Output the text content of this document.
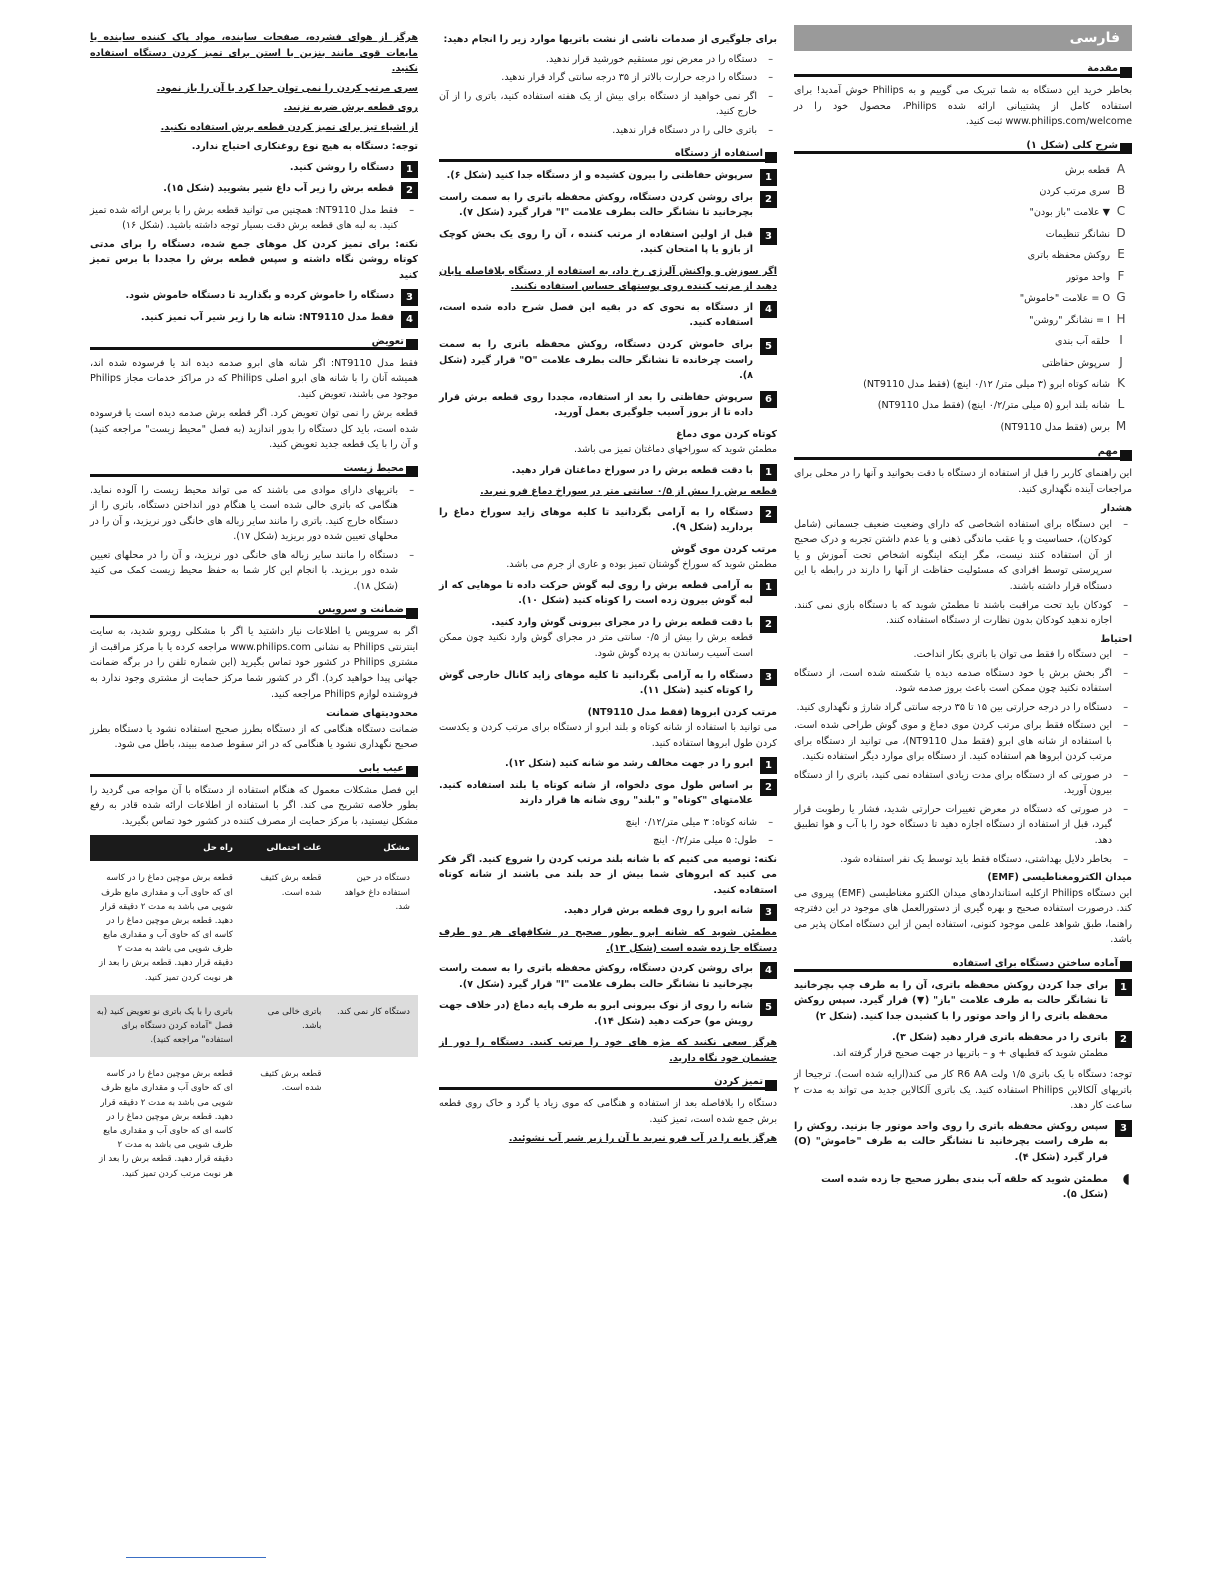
فارسی
مقدمة

بخاطر خرید این دستگاه به شما تبریک می گوییم و به Philips خوش آمدید! برای استفاده کامل از پشتیبانی ارائه شده Philips، محصول خود را در www.philips.com/welcome ثبت کنید.

شرح کلی (شکل ۱)
A
قطعه برش
B
سری مرتب کردن
C
▼ علامت "باز بودن"
D
نشانگر تنظیمات
E
روکش محفظه باتری
F
واحد موتور
G
O = علامت "خاموش"
H
I = نشانگر "روشن"
I
حلقه آب بندی
J
سرپوش حفاظتی
K
شانه کوتاه ابرو (۳ میلی متر/ ۰/۱۲ اینچ) (فقط مدل NT9110)
L
شانه بلند ابرو (۵ میلی متر/۰/۲ اینچ) (فقط مدل NT9110)
M
برس (فقط مدل NT9110)
مهم

این راهنمای کاربر را قبل از استفاده از دستگاه با دقت بخوانید و آنها را در محلی برای مراجعات آینده نگهداری کنید.

هشدار
– این دستگاه برای استفاده اشخاصی که دارای وضعیت ضعیف جسمانی (شامل کودکان)، حساسیت و یا عقب ماندگی ذهنی و یا عدم داشتن تجربه و درک صحیح از آن استفاده کنند نیست، مگر اینکه اینگونه اشخاص تحت آموزش و یا سرپرستی توسط افرادی که مسئولیت حفاظت از آنها را دارند در رابطه با این دستگاه قرار داشته باشند.
– کودکان باید تحت مراقبت باشند تا مطمئن شوید که با دستگاه بازی نمی کنند. اجازه ندهید کودکان بدون نظارت از دستگاه استفاده کنند.
احتیاط
– این دستگاه را فقط می توان با باتری بکار انداخت.
– اگر بخش برش یا خود دستگاه صدمه دیده یا شکسته شده است، از دستگاه استفاده نکنید چون ممکن است باعث بروز صدمه شود.
– دستگاه را در درجه حرارتی بین ۱۵ تا ۳۵ درجه سانتی گراد شارژ و نگهداری کنید.
– این دستگاه فقط برای مرتب کردن موی دماغ و موی گوش طراحی شده است. با استفاده از شانه های ابرو (فقط مدل NT9110)، می توانید از دستگاه برای مرتب کردن ابروها هم استفاده کنید. از دستگاه برای موارد دیگر استفاده نکنید.
– در صورتی که از دستگاه برای مدت زیادی استفاده نمی کنید، باتری را از دستگاه بیرون آورید.
– در صورتی که دستگاه در معرض تغییرات حرارتی شدید، فشار یا رطوبت قرار گیرد، قبل از استفاده از دستگاه اجازه دهید تا دستگاه خود را با آب و هوا تطبیق دهد.
– بخاطر دلایل بهداشتی، دستگاه فقط باید توسط یک نفر استفاده شود.
میدان الکترومغناطیسی (EMF)

این دستگاه Philips ازکلیه استانداردهای میدان الکترو مغناطیسی (EMF) پیروی می کند. درصورت استفاده صحیح و بهره گیری از دستورالعمل های موجود در این دفترچه راهنما، طبق شواهد علمی موجود کنونی، استفاده ایمن از این دستگاه امکان پذیر می باشد.

آماده ساختن دستگاه برای استفاده
1
برای جدا کردن روکش محفظه باتری، آن را به طرف چپ بچرخانید تا نشانگر حالت به طرف علامت "باز" (▼) قرار گیرد. سپس روکش محفظه باتری را از واحد موتور را با کشیدن جدا کنید. (شکل ۲)
2
باتری را در محفظه باتری قرار دهید (شکل ۳).
مطمئن شوید که قطبهای + و – باتریها در جهت صحیح قرار گرفته اند.

توجه: دستگاه با یک باتری ۱/۵ ولت R6 AA کار می کند(ارایه شده است). ترجیحا از باتریهای آلکالاین Philips استفاده کنید. یک باتری آلکالاین جدید می تواند به مدت ۲ ساعت کار دهد.

3
سپس روکش محفظه باتری را روی واحد موتور جا بزنید. روکش را به طرف راست بچرخانید تا نشانگر حالت به طرف "خاموش" (O) قرار گیرد (شکل ۴).
◖
مطمئن شوید که حلقه آب بندی بطرز صحیح جا زده شده است (شکل ۵).

برای جلوگیری از صدمات ناشی از نشت باتریها موارد زیر را انجام دهید:

– دستگاه را در معرض نور مستقیم خورشید قرار ندهید.
– دستگاه را درجه حرارت بالاتر از ۳۵ درجه سانتی گراد قرار ندهید.
– اگر نمی خواهید از دستگاه برای بیش از یک هفته استفاده کنید، باتری را از آن خارج کنید.
– باتری خالی را در دستگاه قرار ندهید.
استفاده از دستگاه
1
سرپوش حفاظتی را بیرون کشیده و از دستگاه جدا کنید (شکل ۶).
2
برای روشن کردن دستگاه، روکش محفظه باتری را به سمت راست بچرخانید تا نشانگر حالت بطرف علامت "I" قرار گیرد (شکل ۷).
3
قبل از اولین استفاده از مرتب کننده ، آن را روی یک بخش کوچک از بازو یا پا امتحان کنید.

اگر سوزش و واکنش آلرژی رخ داد، به استفاده از دستگاه بلافاصله پایان دهید از مرتب کننده روی پوستهای حساس استفاده نکنید.

4
از دستگاه به نحوی که در بقیه این فصل شرح داده شده است، استفاده کنید.
5
برای خاموش کردن دستگاه، روکش محفظه باتری را به سمت راست چرخانده تا نشانگر حالت بطرف علامت "O" قرار گیرد (شکل ۸).
6
سرپوش حفاظتی را بعد از استفاده، مجددا روی قطعه برش قرار داده تا از بروز آسیب جلوگیری بعمل آورید.
کوتاه کردن موی دماغ

مطمئن شوید که سوراخهای دماغتان تمیز می باشد.

1
با دقت قطعه برش را در سوراخ دماغتان قرار دهید.

قطعه برش را بیش از ۰/۵ سانتی متر در سوراخ دماغ فرو نبرید.

2
دستگاه را به آرامی بگردانید تا کلیه موهای زاید سوراخ دماغ را بردارید (شکل ۹).
مرتب کردن موی گوش

مطمئن شوید که سوراخ گوشتان تمیز بوده و عاری از جرم می باشد.

1
به آرامی قطعه برش را روی لبه گوش حرکت داده تا موهایی که از لبه گوش بیرون زده است را کوتاه کنید (شکل ۱۰).
2
با دقت قطعه برش را در مجرای بیرونی گوش وارد کنید.
قطعه برش را بیش از ۰/۵ سانتی متر در مجرای گوش وارد نکنید چون ممکن است آسیب رساندن به پرده گوش شود.
3
دستگاه را به آرامی بگردانید تا کلیه موهای زاید کانال خارجی گوش را کوتاه کنید (شکل ۱۱).
مرتب کردن ابروها (فقط مدل NT9110)

می توانید با استفاده از شانه کوتاه و بلند ابرو از دستگاه برای مرتب کردن و یکدست کردن طول ابروها استفاده کنید.

1
ابرو را در جهت مخالف رشد مو شانه کنید (شکل ۱۲).
2
بر اساس طول موی دلخواه، از شانه کوتاه یا بلند استفاده کنید. علامتهای "کوتاه" و "بلند" روی شانه ها قرار دارند
– شانه کوتاه: ۳ میلی متر/۰/۱۲ اینچ
– طول: ۵ میلی متر/۰/۲ اینچ

نکته: توصیه می کنیم که با شانه بلند مرتب کردن را شروع کنید. اگر فکر می کنید که ابروهای شما بیش از حد بلند می باشند از شانه کوتاه استفاده کنید.

3
شانه ابرو را روی قطعه برش قرار دهید.

مطمئن شوید که شانه ابرو بطور صحیح در شکافهای هر دو طرف دستگاه جا زده شده است (شکل ۱۳).

4
برای روشن کردن دستگاه، روکش محفظه باتری را به سمت راست بچرخانید تا نشانگر حالت بطرف علامت "I" قرار گیرد (شکل ۷).
5
شانه را روی از نوک بیرونی ابرو به طرف پایه دماغ (در خلاف جهت رویش مو) حرکت دهید (شکل ۱۴).

هرگز سعی نکنید که مژه های خود را مرتب کنید. دستگاه را دور از چشمان خود نگاه دارید.

تمیز کردن

دستگاه را بلافاصله بعد از استفاده و هنگامی که موی زیاد یا گرد و خاک روی قطعه برش جمع شده است، تمیز کنید.

هرگز پایه را در آب فرو نبرید یا آن را زیر شیر آب نشوئید.

هرگز از هوای فشرده، صفحات ساینده، مواد پاک کننده ساینده یا مایعات قوی مانند بنزین یا استن برای تمیز کردن دستگاه استفاده نکنید.

سری مرتب کردن را نمی توان جدا کرد یا آن را باز نمود.

روی قطعه برش ضربه نزنید.

از اشیاء تیز برای تمیز کردن قطعه برش استفاده نکنید.

توجه: دستگاه به هیچ نوع روغنکاری احتیاج ندارد.

1
دستگاه را روشن کنید.
2
قطعه برش را زیر آب داغ شیر بشویید (شکل ۱۵).
– فقط مدل NT9110: همچنین می توانید قطعه برش را با برس ارائه شده تمیز کنید. به لبه های قطعه برش دقت بسیار توجه داشته باشید. (شکل ۱۶)

نکته: برای تمیز کردن کل موهای جمع شده، دستگاه را برای مدتی کوتاه روشن نگاه داشته و سپس قطعه برش را مجددا با برس تمیز کنید

3
دستگاه را خاموش کرده و بگذارید تا دستگاه خاموش شود.
4
فقط مدل NT9110: شانه ها را زیر شیر آب تمیز کنید.
تعویض

فقط مدل NT9110: اگر شانه های ابرو صدمه دیده اند یا فرسوده شده اند، همیشه آنان را با شانه های ابرو اصلی Philips که در مراکز خدمات مجاز Philips موجود می باشند، تعویض کنید.

قطعه برش را نمی توان تعویض کرد. اگر قطعه برش صدمه دیده است یا فرسوده شده است، باید کل دستگاه را بدور اندازید (به فصل "محیط زیست" مراجعه کنید) و آن را با یک قطعه جدید تعویض کنید.

محیط زیست
– باتریهای دارای موادی می باشند که می تواند محیط زیست را آلوده نماید. هنگامی که باتری خالی شده است یا هنگام دور انداختن دستگاه، باتری را از دستگاه خارج کنید. باتری را مانند سایر زباله های خانگی دور نریزید، و آن را در محلهای تعیین شده دور بریزید (شکل ۱۷).
– دستگاه را مانند سایر زباله های خانگی دور نریزید، و آن را در محلهای تعیین شده دور بریزید. با انجام این کار شما به حفظ محیط زیست کمک می کنید (شکل ۱۸).
ضمانت و سرویس

اگر به سرویس یا اطلاعات نیاز داشتید یا اگر با مشکلی روبرو شدید، به سایت اینترنتی Philips به نشانی www.philips.com مراجعه کرده یا با مرکز مراقبت از مشتری Philips در کشور خود تماس بگیرید (این شماره تلفن را در برگه ضمانت جهانی پیدا خواهید کرد). اگر در کشور شما مرکز حمایت از مشتری وجود ندارد به فروشنده لوازم Philips مراجعه کنید.

محدودیتهای ضمانت

ضمانت دستگاه هنگامی که از دستگاه بطرز صحیح استفاده نشود یا دستگاه بطرز صحیح نگهداری نشود یا هنگامی که در اثر سقوط صدمه ببیند، باطل می شود.

عیب یابی

این فصل مشکلات معمول که هنگام استفاده از دستگاه با آن مواجه می گردید را بطور خلاصه تشریح می کند. اگر با استفاده از اطلاعات ارائه شده قادر به رفع مشکل نیستید، با مرکز حمایت از مصرف کننده در کشور خود تماس بگیرید.

مشکل	علت احتمالی	راه حل
دستگاه در حین استفاده داغ خواهد شد.	قطعه برش کثیف شده است.	قطعه برش موچین دماغ را در کاسه ای که حاوی آب و مقداری مایع ظرف شویی می باشد به مدت ۲ دقیقه قرار دهید. قطعه برش موچین دماغ را در کاسه ای که حاوی آب و مقداری مایع ظرف شویی می باشد به مدت ۲ دقیقه قرار دهید. قطعه برش را بعد از هر نوبت کردن تمیز کنید.
دستگاه کار نمی کند.	باتری خالی می باشد.	باتری را با یک باتری نو تعویض کنید (به فصل "آماده کردن دستگاه برای استفاده" مراجعه کنید).
	قطعه برش کثیف شده است.	قطعه برش موچین دماغ را در کاسه ای که حاوی آب و مقداری مایع ظرف شویی می باشد به مدت ۲ دقیقه قرار دهید. قطعه برش موچین دماغ را در کاسه ای که حاوی آب و مقداری مایع ظرف شویی می باشد به مدت ۲ دقیقه قرار دهید. قطعه برش را بعد از هر نوبت مرتب کردن تمیز کنید.
